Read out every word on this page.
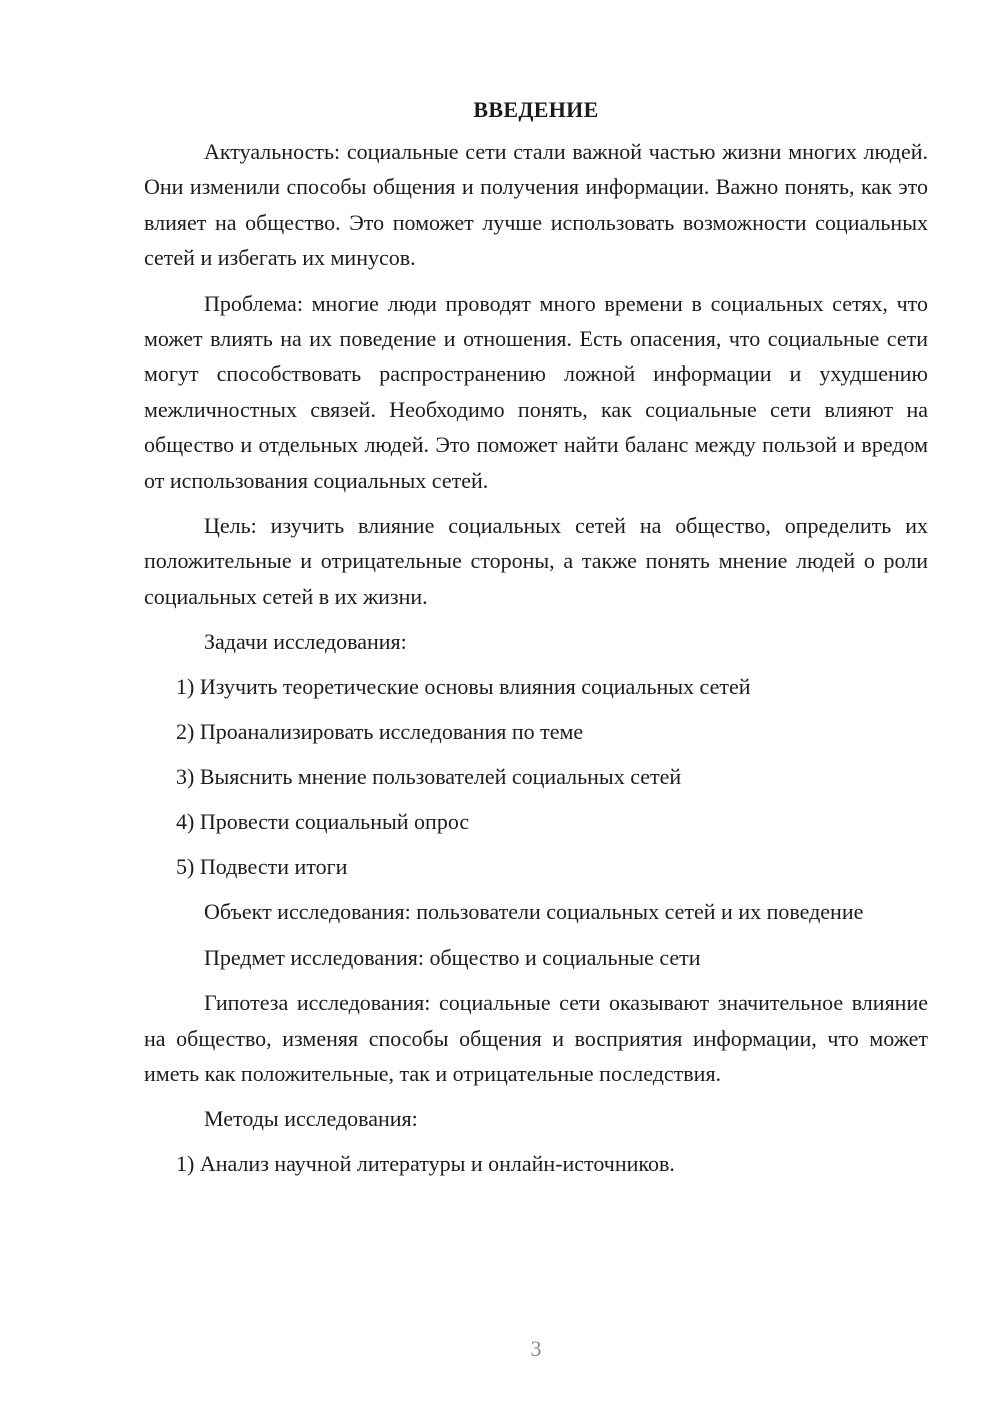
ВВЕДЕНИЕ

Актуальность: социальные сети стали важной частью жизни многих людей. Они изменили способы общения и получения информации. Важно понять, как это влияет на общество. Это поможет лучше использовать возможности социальных сетей и избегать их минусов.

Проблема: многие люди проводят много времени в социальных сетях, что может влиять на их поведение и отношения. Есть опасения, что социальные сети могут способствовать распространению ложной информации и ухудшению межличностных связей. Необходимо понять, как социальные сети влияют на общество и отдельных людей. Это поможет найти баланс между пользой и вредом от использования социальных сетей.

Цель: изучить влияние социальных сетей на общество, определить их положительные и отрицательные стороны, а также понять мнение людей о роли социальных сетей в их жизни.

Задачи исследования:

1) Изучить теоретические основы влияния социальных сетей

2) Проанализировать исследования по теме

3) Выяснить мнение пользователей социальных сетей

4) Провести социальный опрос

5) Подвести итоги

Объект исследования: пользователи социальных сетей и их поведение

Предмет исследования: общество и социальные сети

Гипотеза исследования: социальные сети оказывают значительное влияние на общество, изменяя способы общения и восприятия информации, что может иметь как положительные, так и отрицательные последствия.

Методы исследования:

1) Анализ научной литературы и онлайн-источников.

3
